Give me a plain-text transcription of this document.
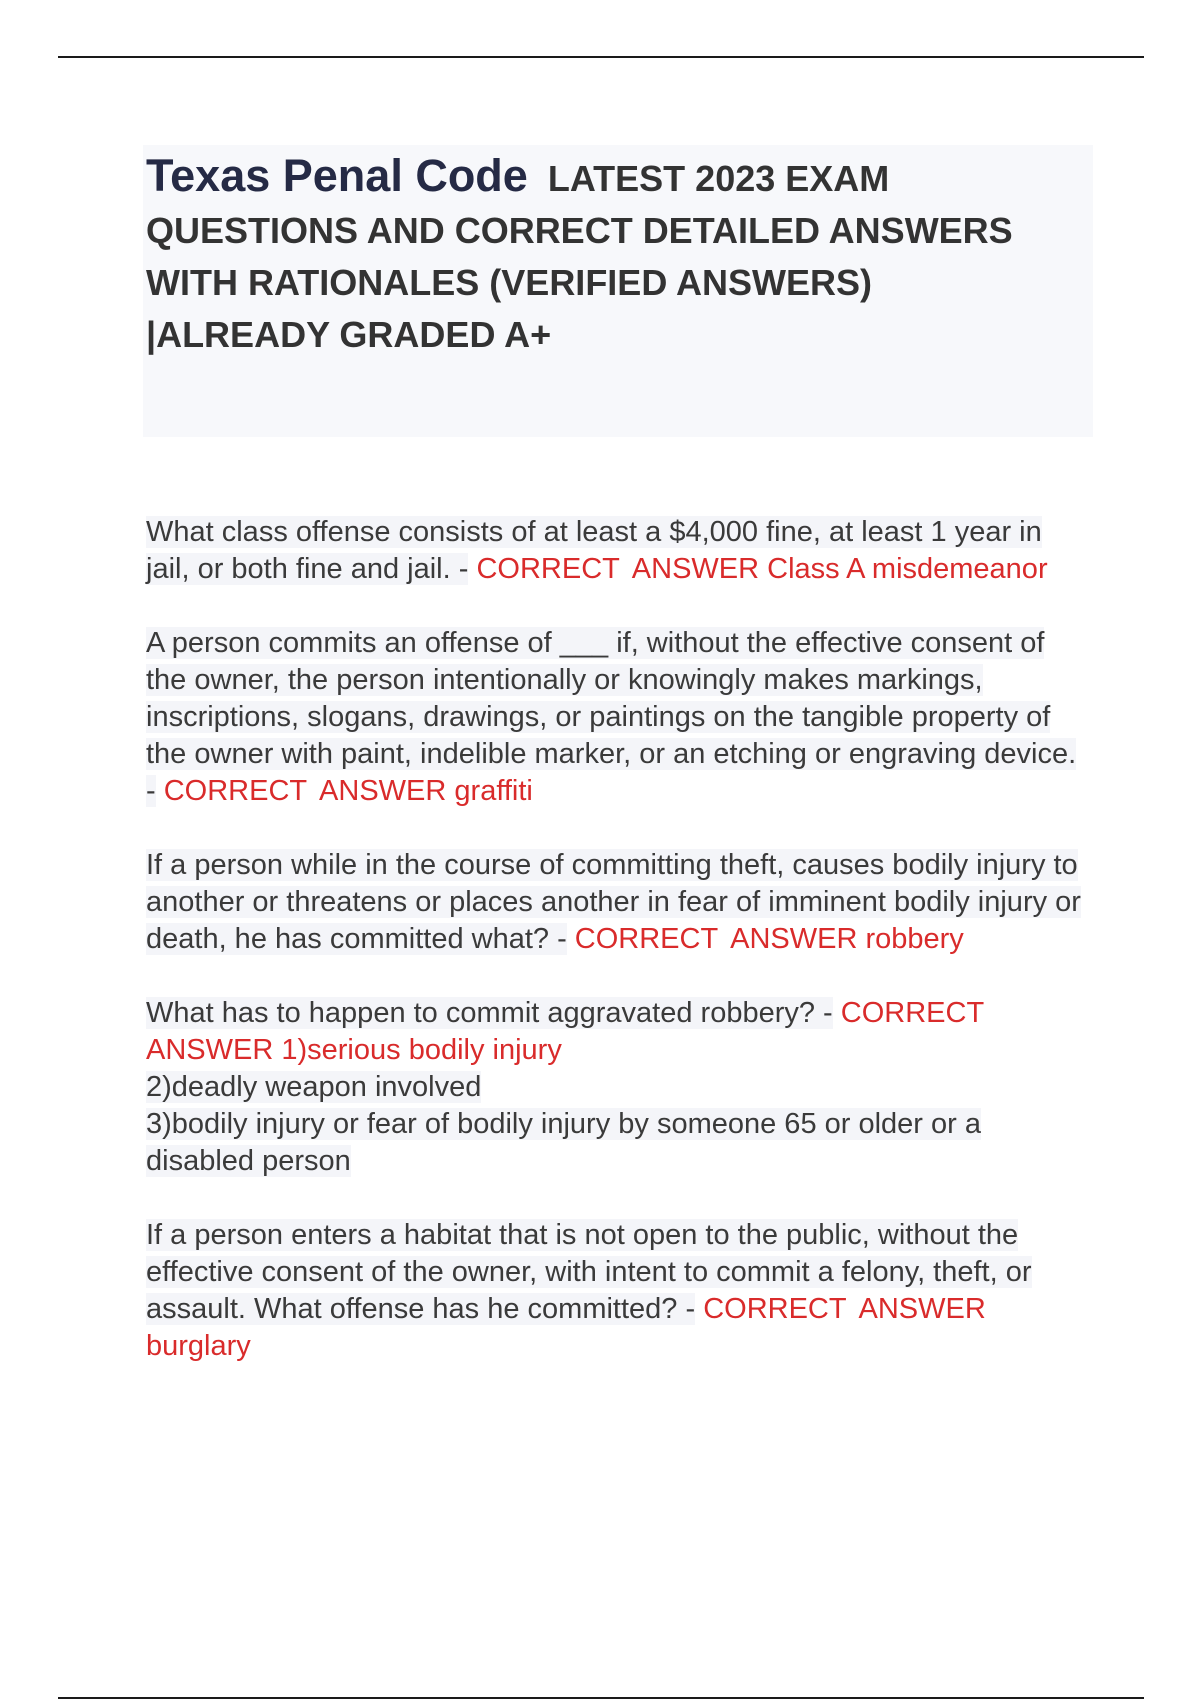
Texas Penal Code LATEST 2023 EXAM QUESTIONS AND CORRECT DETAILED ANSWERS WITH RATIONALES (VERIFIED ANSWERS) |ALREADY GRADED A+

What class offense consists of at least a $4,000 fine, at least 1 year in jail, or both fine and jail. - CORRECT ANSWER Class A misdemeanor

A person commits an offense of ___ if, without the effective consent of the owner, the person intentionally or knowingly makes markings, inscriptions, slogans, drawings, or paintings on the tangible property of the owner with paint, indelible marker, or an etching or engraving device. - CORRECT ANSWER graffiti

If a person while in the course of committing theft, causes bodily injury to another or threatens or places another in fear of imminent bodily injury or death, he has committed what? - CORRECT ANSWER robbery

What has to happen to commit aggravated robbery? - CORRECT ANSWER 1)serious bodily injury
2)deadly weapon involved
3)bodily injury or fear of bodily injury by someone 65 or older or a disabled person

If a person enters a habitat that is not open to the public, without the effective consent of the owner, with intent to commit a felony, theft, or assault. What offense has he committed? - CORRECT ANSWER burglary
